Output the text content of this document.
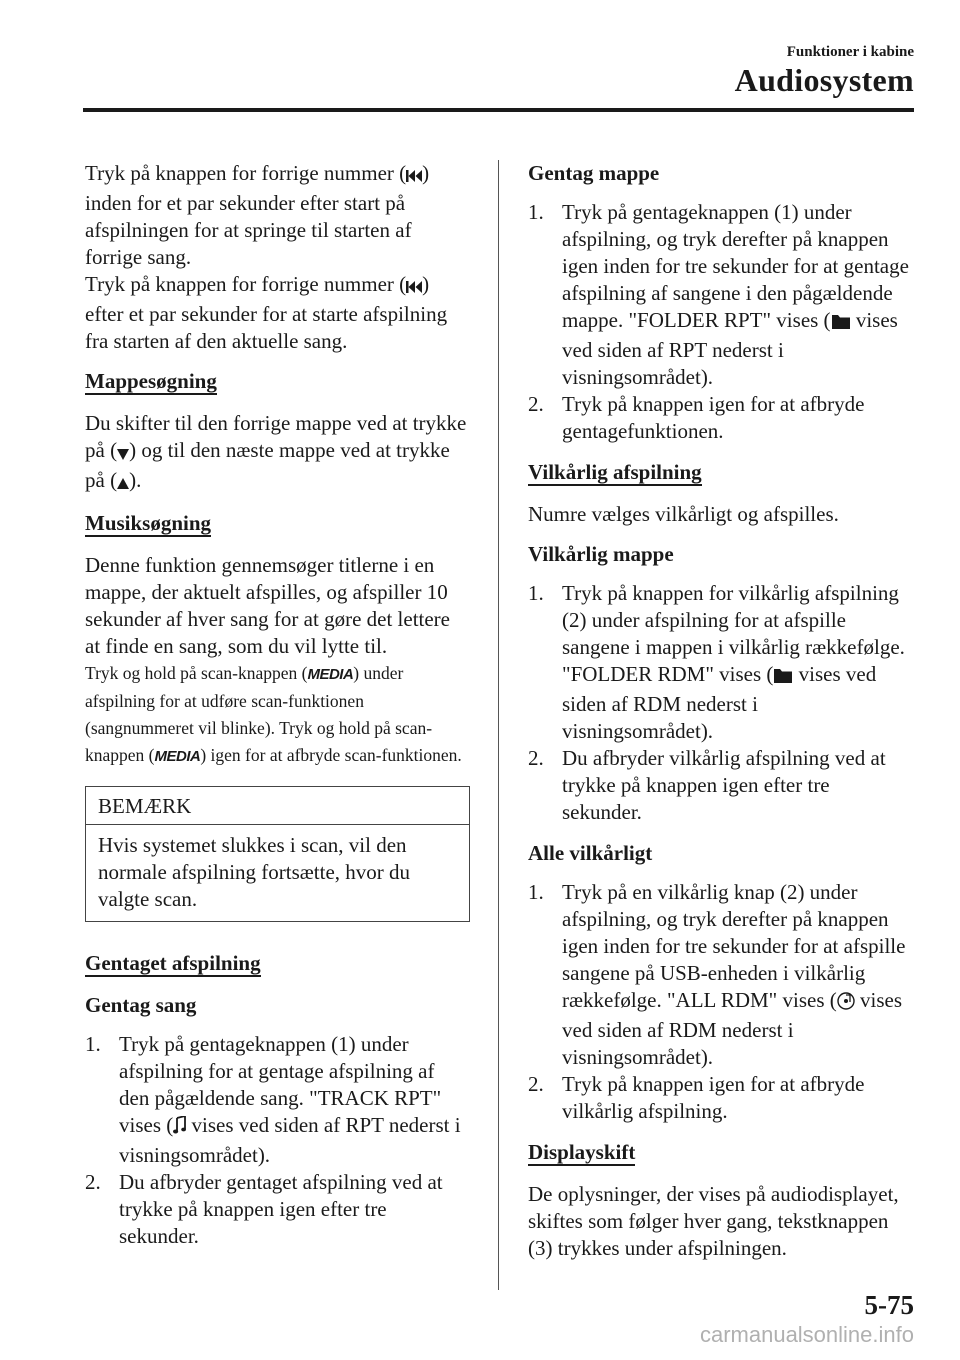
Funktioner i kabine
Audiosystem

Tryk på knappen for forrige nummer ( ) inden for et par sekunder efter start på afspilningen for at springe til starten af forrige sang.

Tryk på knappen for forrige nummer ( ) efter et par sekunder for at starte afspilning fra starten af den aktuelle sang.

Mappesøgning

Du skifter til den forrige mappe ved at trykke på ( ) og til den næste mappe ved at trykke på ( ).

Musiksøgning

Denne funktion gennemsøger titlerne i en mappe, der aktuelt afspilles, og afspiller 10 sekunder af hver sang for at gøre det lettere at finde en sang, som du vil lytte til.

Tryk og hold på scan-knappen (MEDIA) under afspilning for at udføre scan-funktionen (sangnummeret vil blinke). Tryk og hold på scan-knappen (MEDIA) igen for at afbryde scan-funktionen.

BEMÆRK
Hvis systemet slukkes i scan, vil den normale afspilning fortsætte, hvor du valgte scan.
Gentaget afspilning
Gentag sang
1. Tryk på gentageknappen (1) under afspilning for at gentage afspilning af den pågældende sang. "TRACK RPT" vises ( vises ved siden af RPT nederst i visningsområdet).
2. Du afbryder gentaget afspilning ved at trykke på knappen igen efter tre sekunder.
Gentag mappe
1. Tryk på gentageknappen (1) under afspilning, og tryk derefter på knappen igen inden for tre sekunder for at gentage afspilning af sangene i den pågældende mappe. "FOLDER RPT" vises ( vises ved siden af RPT nederst i visningsområdet).
2. Tryk på knappen igen for at afbryde gentagefunktionen.
Vilkårlig afspilning

Numre vælges vilkårligt og afspilles.

Vilkårlig mappe
1. Tryk på knappen for vilkårlig afspilning (2) under afspilning for at afspille sangene i mappen i vilkårlig rækkefølge. "FOLDER RDM" vises ( vises ved siden af RDM nederst i visningsområdet).
2. Du afbryder vilkårlig afspilning ved at trykke på knappen igen efter tre sekunder.
Alle vilkårligt
1. Tryk på en vilkårlig knap (2) under afspilning, og tryk derefter på knappen igen inden for tre sekunder for at afspille sangene på USB-enheden i vilkårlig rækkefølge. "ALL RDM" vises ( vises ved siden af RDM nederst i visningsområdet).
2. Tryk på knappen igen for at afbryde vilkårlig afspilning.
Displayskift

De oplysninger, der vises på audiodisplayet, skiftes som følger hver gang, tekstknappen (3) trykkes under afspilningen.

5-75
carmanualsonline.info
